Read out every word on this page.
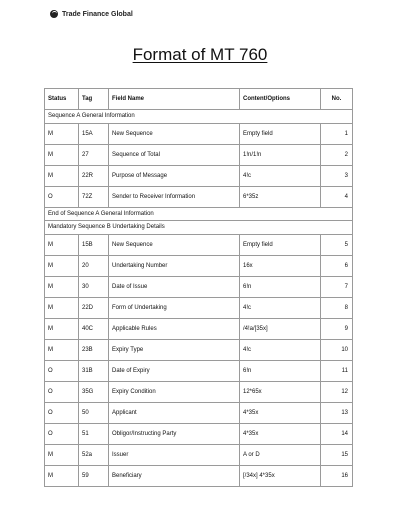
Trade Finance Global
Format of MT 760
Status	Tag	Field Name	Content/Options	No.
Sequence A General Information				
M	15A	New Sequence	Empty field	1
M	27	Sequence of Total	1!n/1!n	2
M	22R	Purpose of Message	4!c	3
O	72Z	Sender to Receiver Information	6*35z	4
End of Sequence A General Information				
Mandatory Sequence B Undertaking Details				
M	15B	New Sequence	Empty field	5
M	20	Undertaking Number	16x	6
M	30	Date of Issue	6!n	7
M	22D	Form of Undertaking	4!c	8
M	40C	Applicable Rules	/4!a/[35x]	9
M	23B	Expiry Type	4!c	10
O	31B	Date of Expiry	6!n	11
O	35G	Expiry Condition	12*65x	12
O	50	Applicant	4*35x	13
O	51	Obligor/Instructing Party	4*35x	14
M	52a	Issuer	A or D	15
M	59	Beneficiary	[/34x] 4*35x	16
